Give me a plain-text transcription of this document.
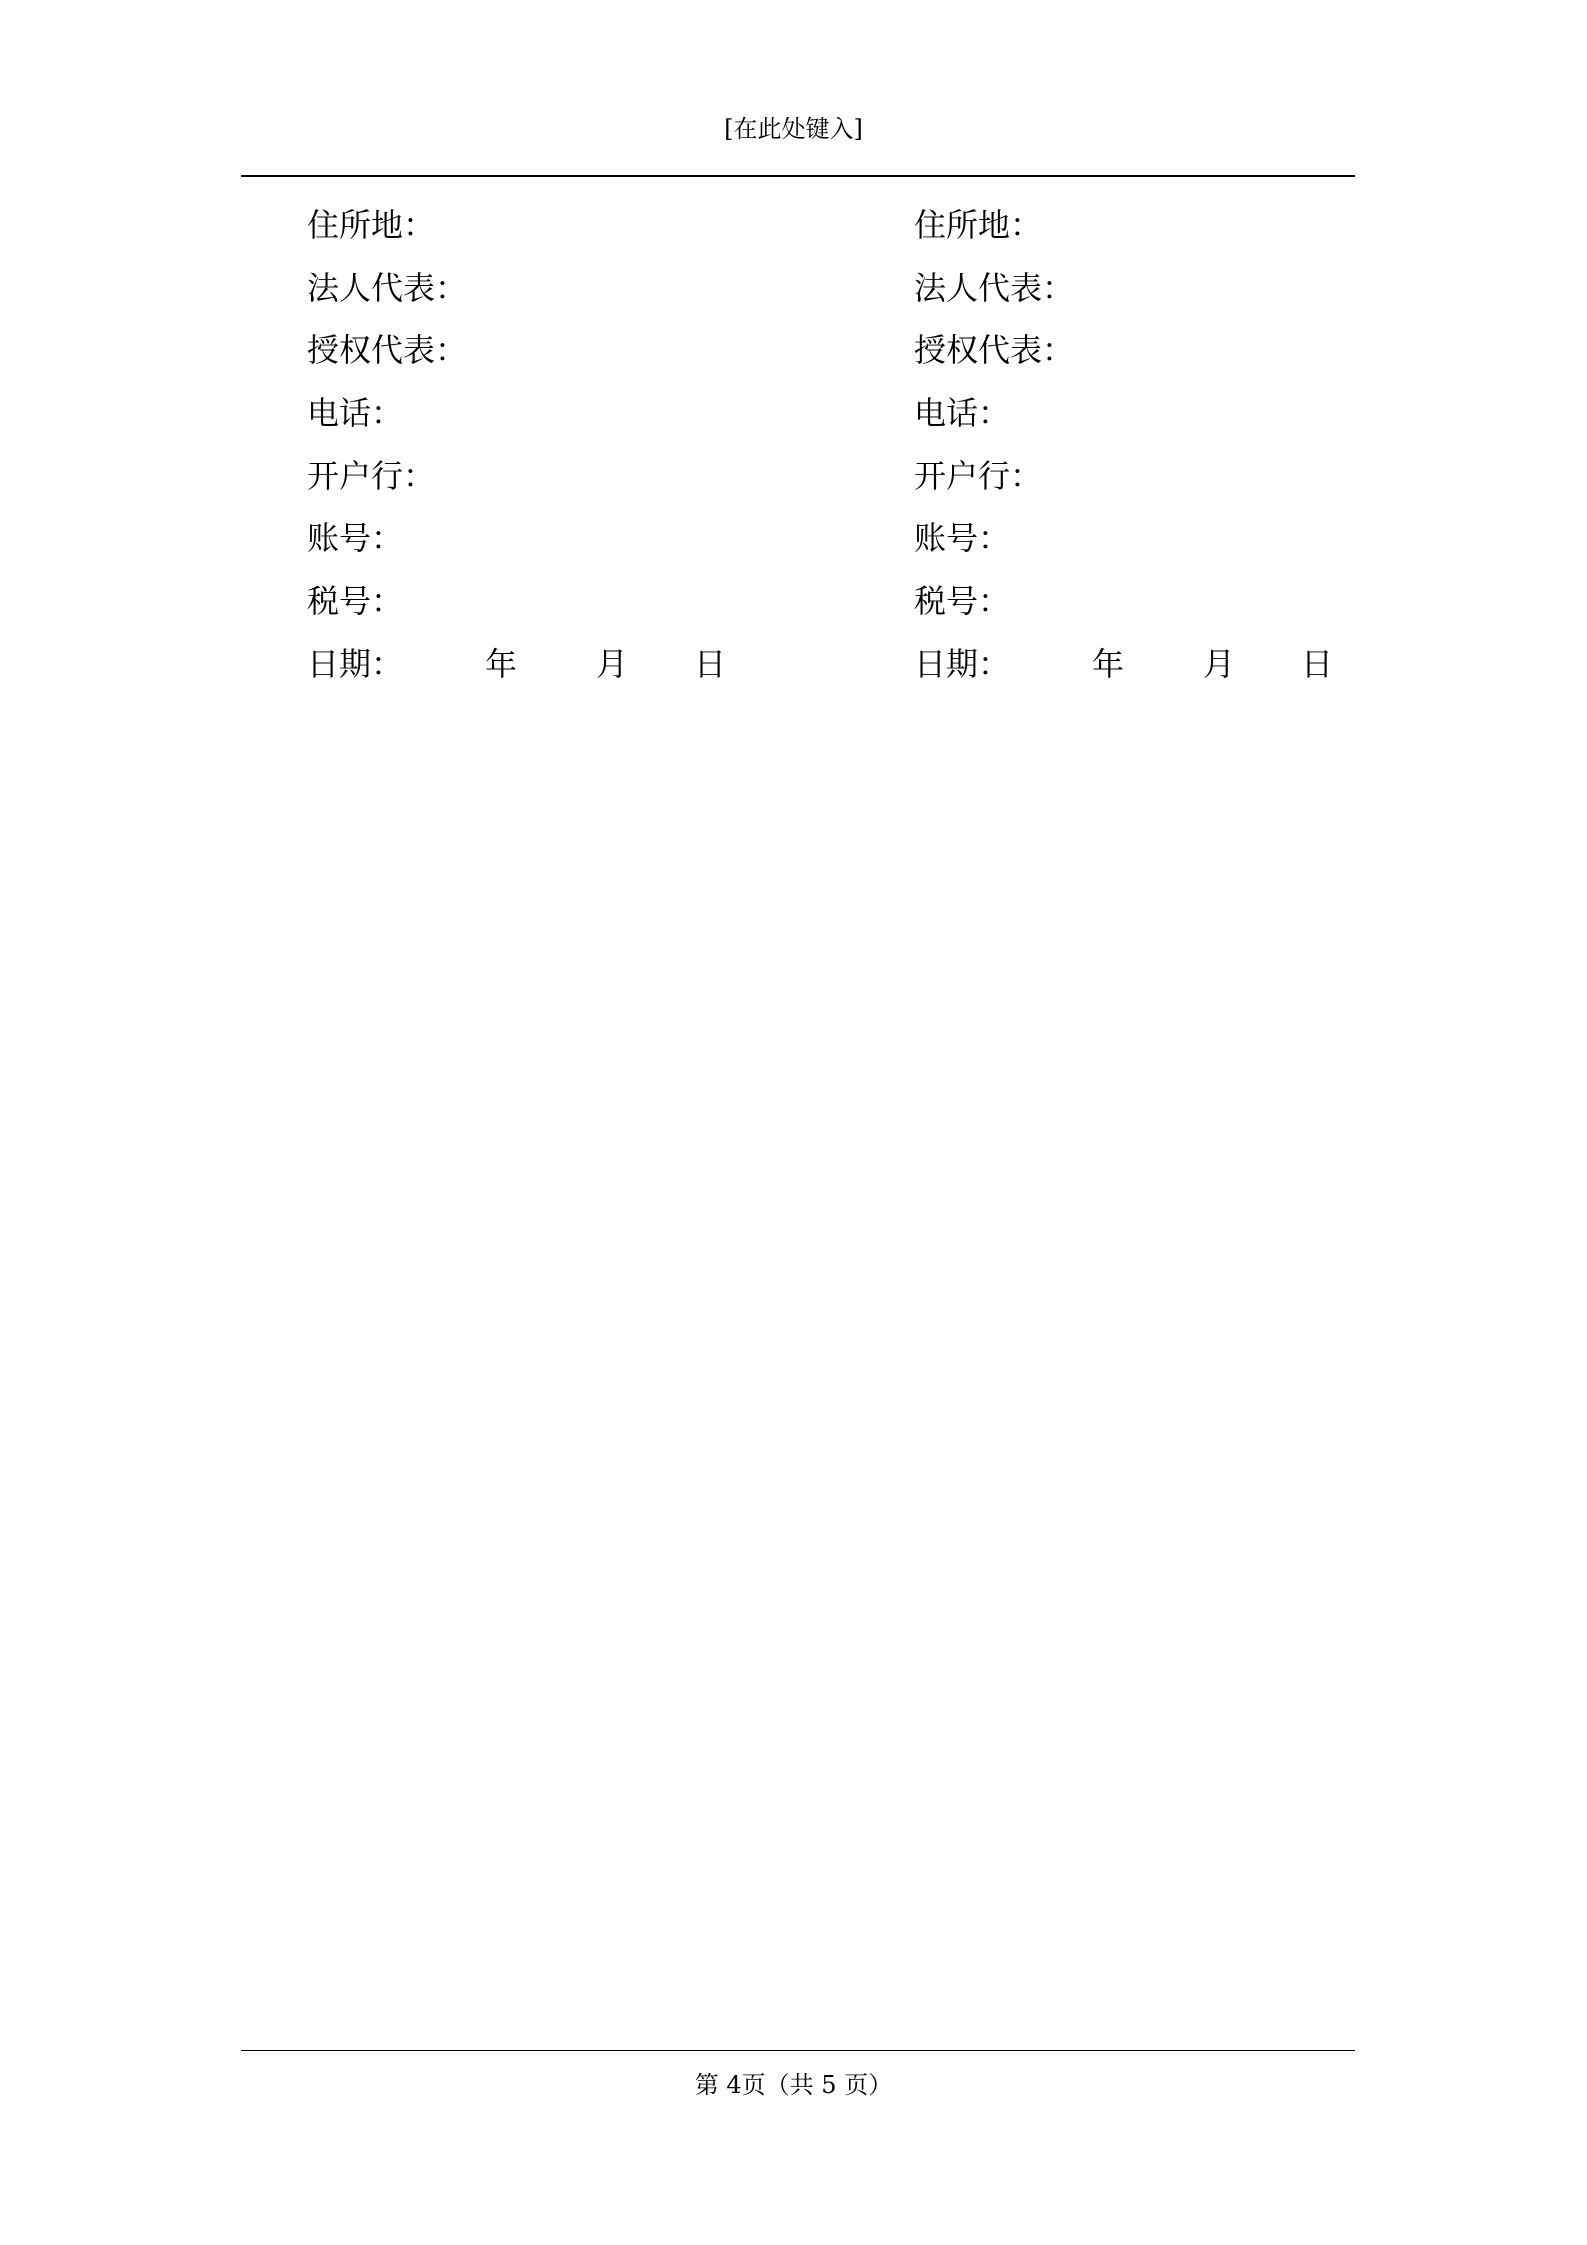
[在此处键入]
住所地：
法人代表：
授权代表：
电话：
开户行：
账号：
税号：
日期：	年 月 日
住所地：
法人代表：
授权代表：
电话：
开户行：
账号：
税号：
日期：	年 月 日
第 4页（共 5 页）
